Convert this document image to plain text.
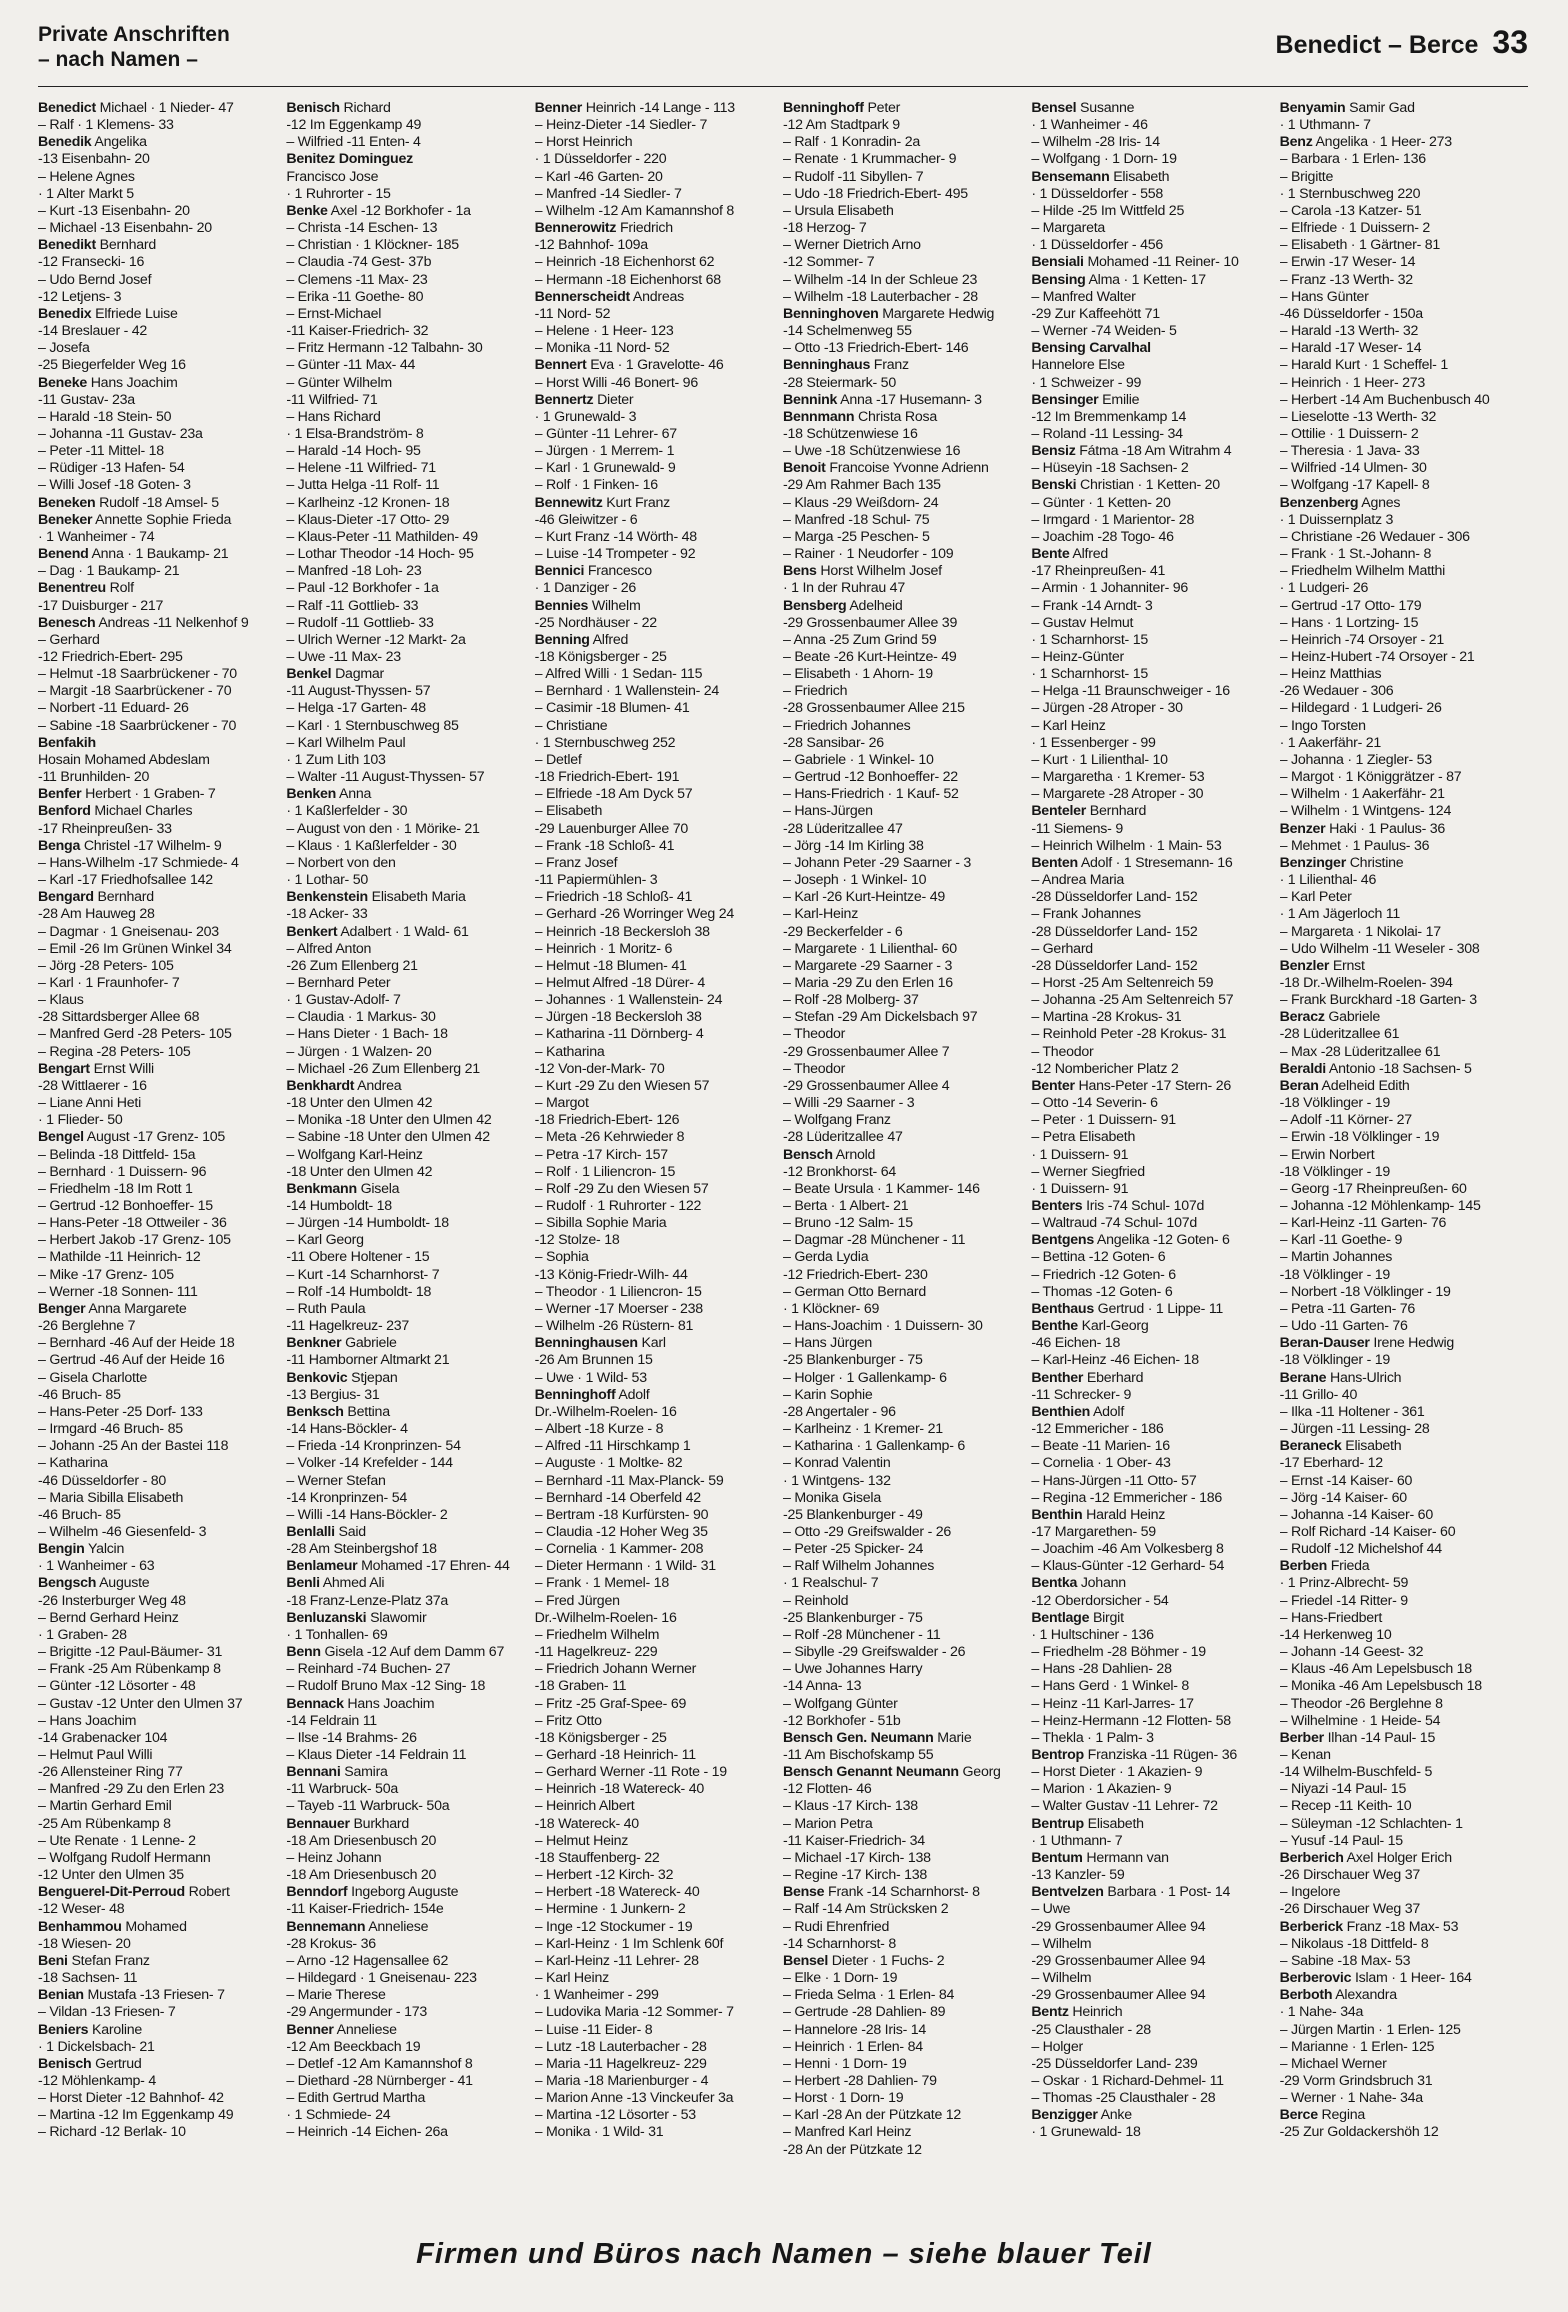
Private Anschriften
– nach Namen –
Benedict – Berce 33
Benedict Michael · 1 Nieder- 47
– Ralf · 1 Klemens- 33
Benedik Angelika
-13 Eisenbahn- 20
– Helene Agnes
· 1 Alter Markt 5
– Kurt -13 Eisenbahn- 20
– Michael -13 Eisenbahn- 20
Benedikt Bernhard
-12 Fransecki- 16
– Udo Bernd Josef
-12 Letjens- 3
Benedix Elfriede Luise
-14 Breslauer - 42
– Josefa
-25 Biegerfelder Weg 16
Beneke Hans Joachim
-11 Gustav- 23a
– Harald -18 Stein- 50
– Johanna -11 Gustav- 23a
– Peter -11 Mittel- 18
– Rüdiger -13 Hafen- 54
– Willi Josef -18 Goten- 3
Beneken Rudolf -18 Amsel- 5
Beneker Annette Sophie Frieda
· 1 Wanheimer - 74
Benend Anna · 1 Baukamp- 21
– Dag · 1 Baukamp- 21
Benentreu Rolf
-17 Duisburger - 217
Benesch Andreas -11 Nelkenhof 9
– Gerhard
-12 Friedrich-Ebert- 295
– Helmut -18 Saarbrückener - 70
– Margit -18 Saarbrückener - 70
– Norbert -11 Eduard- 26
– Sabine -18 Saarbrückener - 70
Benfakih
Hosain Mohamed Abdeslam
-11 Brunhilden- 20
Benfer Herbert · 1 Graben- 7
Benford Michael Charles
-17 Rheinpreußen- 33
Benga Christel -17 Wilhelm- 9
– Hans-Wilhelm -17 Schmiede- 4
– Karl -17 Friedhofsallee 142
Bengard Bernhard
-28 Am Hauweg 28
– Dagmar · 1 Gneisenau- 203
– Emil -26 Im Grünen Winkel 34
– Jörg -28 Peters- 105
– Karl · 1 Fraunhofer- 7
– Klaus
-28 Sittardsberger Allee 68
– Manfred Gerd -28 Peters- 105
– Regina -28 Peters- 105
Bengart Ernst Willi
-28 Wittlaerer - 16
– Liane Anni Heti
· 1 Flieder- 50
Bengel August -17 Grenz- 105
– Belinda -18 Dittfeld- 15a
– Bernhard · 1 Duissern- 96
– Friedhelm -18 Im Rott 1
– Gertrud -12 Bonhoeffer- 15
– Hans-Peter -18 Ottweiler - 36
– Herbert Jakob -17 Grenz- 105
– Mathilde -11 Heinrich- 12
– Mike -17 Grenz- 105
– Werner -18 Sonnen- 111
Benger Anna Margarete
-26 Berglehne 7
– Bernhard -46 Auf der Heide 18
– Gertrud -46 Auf der Heide 16
– Gisela Charlotte
-46 Bruch- 85
– Hans-Peter -25 Dorf- 133
– Irmgard -46 Bruch- 85
– Johann -25 An der Bastei 118
– Katharina
-46 Düsseldorfer - 80
– Maria Sibilla Elisabeth
-46 Bruch- 85
– Wilhelm -46 Giesenfeld- 3
Bengin Yalcin
· 1 Wanheimer - 63
Bengsch Auguste
-26 Insterburger Weg 48
– Bernd Gerhard Heinz
· 1 Graben- 28
– Brigitte -12 Paul-Bäumer- 31
– Frank -25 Am Rübenkamp 8
– Günter -12 Lösorter - 48
– Gustav -12 Unter den Ulmen 37
– Hans Joachim
-14 Grabenacker 104
– Helmut Paul Willi
-26 Allensteiner Ring 77
– Manfred -29 Zu den Erlen 23
– Martin Gerhard Emil
-25 Am Rübenkamp 8
– Ute Renate · 1 Lenne- 2
– Wolfgang Rudolf Hermann
-12 Unter den Ulmen 35
Benguerel-Dit-Perroud Robert
-12 Weser- 48
Benhammou Mohamed
-18 Wiesen- 20
Beni Stefan Franz
-18 Sachsen- 11
Benian Mustafa -13 Friesen- 7
– Vildan -13 Friesen- 7
Beniers Karoline
· 1 Dickelsbach- 21
Benisch Gertrud
-12 Möhlenkamp- 4
– Horst Dieter -12 Bahnhof- 42
– Martina -12 Im Eggenkamp 49
– Richard -12 Berlak- 10
Benisch Richard
-12 Im Eggenkamp 49
– Wilfried -11 Enten- 4
Benitez Dominguez
Francisco Jose
· 1 Ruhrorter - 15
Benke Axel -12 Borkhofer - 1a
– Christa -14 Eschen- 13
– Christian · 1 Klöckner- 185
– Claudia -74 Gest- 37b
– Clemens -11 Max- 23
– Erika -11 Goethe- 80
– Ernst-Michael
-11 Kaiser-Friedrich- 32
– Fritz Hermann -12 Talbahn- 30
– Günter -11 Max- 44
– Günter Wilhelm
-11 Wilfried- 71
– Hans Richard
· 1 Elsa-Brandström- 8
– Harald -14 Hoch- 95
– Helene -11 Wilfried- 71
– Jutta Helga -11 Rolf- 11
– Karlheinz -12 Kronen- 18
– Klaus-Dieter -17 Otto- 29
– Klaus-Peter -11 Mathilden- 49
– Lothar Theodor -14 Hoch- 95
– Manfred -18 Loh- 23
– Paul -12 Borkhofer - 1a
– Ralf -11 Gottlieb- 33
– Rudolf -11 Gottlieb- 33
– Ulrich Werner -12 Markt- 2a
– Uwe -11 Max- 23
Benkel Dagmar
-11 August-Thyssen- 57
– Helga -17 Garten- 48
– Karl · 1 Sternbuschweg 85
– Karl Wilhelm Paul
· 1 Zum Lith 103
– Walter -11 August-Thyssen- 57
Benken Anna
· 1 Kaßlerfelder - 30
– August von den · 1 Mörike- 21
– Klaus · 1 Kaßlerfelder - 30
– Norbert von den
· 1 Lothar- 50
Benkenstein Elisabeth Maria
-18 Acker- 33
Benkert Adalbert · 1 Wald- 61
– Alfred Anton
-26 Zum Ellenberg 21
– Bernhard Peter
· 1 Gustav-Adolf- 7
– Claudia · 1 Markus- 30
– Hans Dieter · 1 Bach- 18
– Jürgen · 1 Walzen- 20
– Michael -26 Zum Ellenberg 21
Benkhardt Andrea
-18 Unter den Ulmen 42
– Monika -18 Unter den Ulmen 42
– Sabine -18 Unter den Ulmen 42
– Wolfgang Karl-Heinz
-18 Unter den Ulmen 42
Benkmann Gisela
-14 Humboldt- 18
– Jürgen -14 Humboldt- 18
– Karl Georg
-11 Obere Holtener - 15
– Kurt -14 Scharnhorst- 7
– Rolf -14 Humboldt- 18
– Ruth Paula
-11 Hagelkreuz- 237
Benkner Gabriele
-11 Hamborner Altmarkt 21
Benkovic Stjepan
-13 Bergius- 31
Benksch Bettina
-14 Hans-Böckler- 4
– Frieda -14 Kronprinzen- 54
– Volker -14 Krefelder - 144
– Werner Stefan
-14 Kronprinzen- 54
– Willi -14 Hans-Böckler- 2
Benlalli Said
-28 Am Steinbergshof 18
Benlameur Mohamed -17 Ehren- 44
Benli Ahmed Ali
-18 Franz-Lenze-Platz 37a
Benluzanski Slawomir
· 1 Tonhallen- 69
Benn Gisela -12 Auf dem Damm 67
– Reinhard -74 Buchen- 27
– Rudolf Bruno Max -12 Sing- 18
Bennack Hans Joachim
-14 Feldrain 11
– Ilse -14 Brahms- 26
– Klaus Dieter -14 Feldrain 11
Bennani Samira
-11 Warbruck- 50a
– Tayeb -11 Warbruck- 50a
Bennauer Burkhard
-18 Am Driesenbusch 20
– Heinz Johann
-18 Am Driesenbusch 20
Benndorf Ingeborg Auguste
-11 Kaiser-Friedrich- 154e
Bennemann Anneliese
-28 Krokus- 36
– Arno -12 Hagensallee 62
– Hildegard · 1 Gneisenau- 223
– Marie Therese
-29 Angermunder - 173
Benner Anneliese
-12 Am Beeckbach 19
– Detlef -12 Am Kamannshof 8
– Diethard -28 Nürnberger - 41
– Edith Gertrud Martha
· 1 Schmiede- 24
– Heinrich -14 Eichen- 26a
Benner Heinrich -14 Lange - 113
– Heinz-Dieter -14 Siedler- 7
– Horst Heinrich
· 1 Düsseldorfer - 220
– Karl -46 Garten- 20
– Manfred -14 Siedler- 7
– Wilhelm -12 Am Kamannshof 8
Bennerowitz Friedrich
-12 Bahnhof- 109a
– Heinrich -18 Eichenhorst 62
– Hermann -18 Eichenhorst 68
Bennerscheidt Andreas
-11 Nord- 52
– Helene · 1 Heer- 123
– Monika -11 Nord- 52
Bennert Eva · 1 Gravelotte- 46
– Horst Willi -46 Bonert- 96
Bennertz Dieter
· 1 Grunewald- 3
– Günter -11 Lehrer- 67
– Jürgen · 1 Merrem- 1
– Karl · 1 Grunewald- 9
– Rolf · 1 Finken- 16
Bennewitz Kurt Franz
-46 Gleiwitzer - 6
– Kurt Franz -14 Wörth- 48
– Luise -14 Trompeter - 92
Bennici Francesco
· 1 Danziger - 26
Bennies Wilhelm
-25 Nordhäuser - 22
Benning Alfred
-18 Königsberger - 25
– Alfred Willi · 1 Sedan- 115
– Bernhard · 1 Wallenstein- 24
– Casimir -18 Blumen- 41
– Christiane
· 1 Sternbuschweg 252
– Detlef
-18 Friedrich-Ebert- 191
– Elfriede -18 Am Dyck 57
– Elisabeth
-29 Lauenburger Allee 70
– Frank -18 Schloß- 41
– Franz Josef
-11 Papiermühlen- 3
– Friedrich -18 Schloß- 41
– Gerhard -26 Worringer Weg 24
– Heinrich -18 Beckersloh 38
– Heinrich · 1 Moritz- 6
– Helmut -18 Blumen- 41
– Helmut Alfred -18 Dürer- 4
– Johannes · 1 Wallenstein- 24
– Jürgen -18 Beckersloh 38
– Katharina -11 Dörnberg- 4
– Katharina
-12 Von-der-Mark- 70
– Kurt -29 Zu den Wiesen 57
– Margot
-18 Friedrich-Ebert- 126
– Meta -26 Kehrwieder 8
– Petra -17 Kirch- 157
– Rolf · 1 Liliencron- 15
– Rolf -29 Zu den Wiesen 57
– Rudolf · 1 Ruhrorter - 122
– Sibilla Sophie Maria
-12 Stolze- 18
– Sophia
-13 König-Friedr-Wilh- 44
– Theodor · 1 Liliencron- 15
– Werner -17 Moerser - 238
– Wilhelm -26 Rüstern- 81
Benninghausen Karl
-26 Am Brunnen 15
– Uwe · 1 Wild- 53
Benninghoff Adolf
Dr.-Wilhelm-Roelen- 16
– Albert -18 Kurze - 8
– Alfred -11 Hirschkamp 1
– Auguste · 1 Moltke- 82
– Bernhard -11 Max-Planck- 59
– Bernhard -14 Oberfeld 42
– Bertram -18 Kurfürsten- 90
– Claudia -12 Hoher Weg 35
– Cornelia · 1 Kammer- 208
– Dieter Hermann · 1 Wild- 31
– Frank · 1 Memel- 18
– Fred Jürgen
Dr.-Wilhelm-Roelen- 16
– Friedhelm Wilhelm
-11 Hagelkreuz- 229
– Friedrich Johann Werner
-18 Graben- 11
– Fritz -25 Graf-Spee- 69
– Fritz Otto
-18 Königsberger - 25
– Gerhard -18 Heinrich- 11
– Gerhard Werner -11 Rote - 19
– Heinrich -18 Watereck- 40
– Heinrich Albert
-18 Watereck- 40
– Helmut Heinz
-18 Stauffenberg- 22
– Herbert -12 Kirch- 32
– Herbert -18 Watereck- 40
– Hermine · 1 Junkern- 2
– Inge -12 Stockumer - 19
– Karl-Heinz · 1 Im Schlenk 60f
– Karl-Heinz -11 Lehrer- 28
– Karl Heinz
· 1 Wanheimer - 299
– Ludovika Maria -12 Sommer- 7
– Luise -11 Eider- 8
– Lutz -18 Lauterbacher - 28
– Maria -11 Hagelkreuz- 229
– Maria -18 Marienburger - 4
– Marion Anne -13 Vinckeufer 3a
– Martina -12 Lösorter - 53
– Monika · 1 Wild- 31
Benninghoff Peter
-12 Am Stadtpark 9
– Ralf · 1 Konradin- 2a
– Renate · 1 Krummacher- 9
– Rudolf -11 Sibyllen- 7
– Udo -18 Friedrich-Ebert- 495
– Ursula Elisabeth
-18 Herzog- 7
– Werner Dietrich Arno
-12 Sommer- 7
– Wilhelm -14 In der Schleue 23
– Wilhelm -18 Lauterbacher - 28
Benninghoven Margarete Hedwig
-14 Schelmenweg 55
– Otto -13 Friedrich-Ebert- 146
Benninghaus Franz
-28 Steiermark- 50
Bennink Anna -17 Husemann- 3
Bennmann Christa Rosa
-18 Schützenwiese 16
– Uwe -18 Schützenwiese 16
Benoit Francoise Yvonne Adrienn
-29 Am Rahmer Bach 135
– Klaus -29 Weißdorn- 24
– Manfred -18 Schul- 75
– Marga -25 Peschen- 5
– Rainer · 1 Neudorfer - 109
Bens Horst Wilhelm Josef
· 1 In der Ruhrau 47
Bensberg Adelheid
-29 Grossenbaumer Allee 39
– Anna -25 Zum Grind 59
– Beate -26 Kurt-Heintze- 49
– Elisabeth · 1 Ahorn- 19
– Friedrich
-28 Grossenbaumer Allee 215
– Friedrich Johannes
-28 Sansibar- 26
– Gabriele · 1 Winkel- 10
– Gertrud -12 Bonhoeffer- 22
– Hans-Friedrich · 1 Kauf- 52
– Hans-Jürgen
-28 Lüderitzallee 47
– Jörg -14 Im Kirling 38
– Johann Peter -29 Saarner - 3
– Joseph · 1 Winkel- 10
– Karl -26 Kurt-Heintze- 49
– Karl-Heinz
-29 Beckerfelder - 6
– Margarete · 1 Lilienthal- 60
– Margarete -29 Saarner - 3
– Maria -29 Zu den Erlen 16
– Rolf -28 Molberg- 37
– Stefan -29 Am Dickelsbach 97
– Theodor
-29 Grossenbaumer Allee 7
– Theodor
-29 Grossenbaumer Allee 4
– Willi -29 Saarner - 3
– Wolfgang Franz
-28 Lüderitzallee 47
Bensch Arnold
-12 Bronkhorst- 64
– Beate Ursula · 1 Kammer- 146
– Berta · 1 Albert- 21
– Bruno -12 Salm- 15
– Dagmar -28 Münchener - 11
– Gerda Lydia
-12 Friedrich-Ebert- 230
– German Otto Bernard
· 1 Klöckner- 69
– Hans-Joachim · 1 Duissern- 30
– Hans Jürgen
-25 Blankenburger - 75
– Holger · 1 Gallenkamp- 6
– Karin Sophie
-28 Angertaler - 96
– Karlheinz · 1 Kremer- 21
– Katharina · 1 Gallenkamp- 6
– Konrad Valentin
· 1 Wintgens- 132
– Monika Gisela
-25 Blankenburger - 49
– Otto -29 Greifswalder - 26
– Peter -25 Spicker- 24
– Ralf Wilhelm Johannes
· 1 Realschul- 7
– Reinhold
-25 Blankenburger - 75
– Rolf -28 Münchener - 11
– Sibylle -29 Greifswalder - 26
– Uwe Johannes Harry
-14 Anna- 13
– Wolfgang Günter
-12 Borkhofer - 51b
Bensch Gen. Neumann Marie
-11 Am Bischofskamp 55
Bensch Genannt Neumann Georg
-12 Flotten- 46
– Klaus -17 Kirch- 138
– Marion Petra
-11 Kaiser-Friedrich- 34
– Michael -17 Kirch- 138
– Regine -17 Kirch- 138
Bense Frank -14 Scharnhorst- 8
– Ralf -14 Am Strücksken 2
– Rudi Ehrenfried
-14 Scharnhorst- 8
Bensel Dieter · 1 Fuchs- 2
– Elke · 1 Dorn- 19
– Frieda Selma · 1 Erlen- 84
– Gertrude -28 Dahlien- 89
– Hannelore -28 Iris- 14
– Heinrich · 1 Erlen- 84
– Henni · 1 Dorn- 19
– Herbert -28 Dahlien- 79
– Horst · 1 Dorn- 19
– Karl -28 An der Pützkate 12
– Manfred Karl Heinz
-28 An der Pützkate 12
Bensel Susanne
· 1 Wanheimer - 46
– Wilhelm -28 Iris- 14
– Wolfgang · 1 Dorn- 19
Bensemann Elisabeth
· 1 Düsseldorfer - 558
– Hilde -25 Im Wittfeld 25
– Margareta
· 1 Düsseldorfer - 456
Bensiali Mohamed -11 Reiner- 10
Bensing Alma · 1 Ketten- 17
– Manfred Walter
-29 Zur Kaffeehött 71
– Werner -74 Weiden- 5
Bensing Carvalhal
Hannelore Else
· 1 Schweizer - 99
Bensinger Emilie
-12 Im Bremmenkamp 14
– Roland -11 Lessing- 34
Bensiz Fátma -18 Am Witrahm 4
– Hüseyin -18 Sachsen- 2
Benski Christian · 1 Ketten- 20
– Günter · 1 Ketten- 20
– Irmgard · 1 Marientor- 28
– Joachim -28 Togo- 46
Bente Alfred
-17 Rheinpreußen- 41
– Armin · 1 Johanniter- 96
– Frank -14 Arndt- 3
– Gustav Helmut
· 1 Scharnhorst- 15
– Heinz-Günter
· 1 Scharnhorst- 15
– Helga -11 Braunschweiger - 16
– Jürgen -28 Atroper - 30
– Karl Heinz
· 1 Essenberger - 99
– Kurt · 1 Lilienthal- 10
– Margaretha · 1 Kremer- 53
– Margarete -28 Atroper - 30
Benteler Bernhard
-11 Siemens- 9
– Heinrich Wilhelm · 1 Main- 53
Benten Adolf · 1 Stresemann- 16
– Andrea Maria
-28 Düsseldorfer Land- 152
– Frank Johannes
-28 Düsseldorfer Land- 152
– Gerhard
-28 Düsseldorfer Land- 152
– Horst -25 Am Seltenreich 59
– Johanna -25 Am Seltenreich 57
– Martina -28 Krokus- 31
– Reinhold Peter -28 Krokus- 31
– Theodor
-12 Nombericher Platz 2
Benter Hans-Peter -17 Stern- 26
– Otto -14 Severin- 6
– Peter · 1 Duissern- 91
– Petra Elisabeth
· 1 Duissern- 91
– Werner Siegfried
· 1 Duissern- 91
Benters Iris -74 Schul- 107d
– Waltraud -74 Schul- 107d
Bentgens Angelika -12 Goten- 6
– Bettina -12 Goten- 6
– Friedrich -12 Goten- 6
– Thomas -12 Goten- 6
Benthaus Gertrud · 1 Lippe- 11
Benthe Karl-Georg
-46 Eichen- 18
– Karl-Heinz -46 Eichen- 18
Benther Eberhard
-11 Schrecker- 9
Benthien Adolf
-12 Emmericher - 186
– Beate -11 Marien- 16
– Cornelia · 1 Ober- 43
– Hans-Jürgen -11 Otto- 57
– Regina -12 Emmericher - 186
Benthin Harald Heinz
-17 Margarethen- 59
– Joachim -46 Am Volkesberg 8
– Klaus-Günter -12 Gerhard- 54
Bentka Johann
-12 Oberdorsicher - 54
Bentlage Birgit
· 1 Hultschiner - 136
– Friedhelm -28 Böhmer - 19
– Hans -28 Dahlien- 28
– Hans Gerd · 1 Winkel- 8
– Heinz -11 Karl-Jarres- 17
– Heinz-Hermann -12 Flotten- 58
– Thekla · 1 Palm- 3
Bentrop Franziska -11 Rügen- 36
– Horst Dieter · 1 Akazien- 9
– Marion · 1 Akazien- 9
– Walter Gustav -11 Lehrer- 72
Bentrup Elisabeth
· 1 Uthmann- 7
Bentum Hermann van
-13 Kanzler- 59
Bentvelzen Barbara · 1 Post- 14
– Uwe
-29 Grossenbaumer Allee 94
– Wilhelm
-29 Grossenbaumer Allee 94
– Wilhelm
-29 Grossenbaumer Allee 94
Bentz Heinrich
-25 Clausthaler - 28
– Holger
-25 Düsseldorfer Land- 239
– Oskar · 1 Richard-Dehmel- 11
– Thomas -25 Clausthaler - 28
Benzigger Anke
· 1 Grunewald- 18
Benyamin Samir Gad
· 1 Uthmann- 7
Benz Angelika · 1 Heer- 273
– Barbara · 1 Erlen- 136
– Brigitte
· 1 Sternbuschweg 220
– Carola -13 Katzer- 51
– Elfriede · 1 Duissern- 2
– Elisabeth · 1 Gärtner- 81
– Erwin -17 Weser- 14
– Franz -13 Werth- 32
– Hans Günter
-46 Düsseldorfer - 150a
– Harald -13 Werth- 32
– Harald -17 Weser- 14
– Harald Kurt · 1 Scheffel- 1
– Heinrich · 1 Heer- 273
– Herbert -14 Am Buchenbusch 40
– Lieselotte -13 Werth- 32
– Ottilie · 1 Duissern- 2
– Theresia · 1 Java- 33
– Wilfried -14 Ulmen- 30
– Wolfgang -17 Kapell- 8
Benzenberg Agnes
· 1 Duissernplatz 3
– Christiane -26 Wedauer - 306
– Frank · 1 St.-Johann- 8
– Friedhelm Wilhelm Matthi
· 1 Ludgeri- 26
– Gertrud -17 Otto- 179
– Hans · 1 Lortzing- 15
– Heinrich -74 Orsoyer - 21
– Heinz-Hubert -74 Orsoyer - 21
– Heinz Matthias
-26 Wedauer - 306
– Hildegard · 1 Ludgeri- 26
– Ingo Torsten
· 1 Aakerfähr- 21
– Johanna · 1 Ziegler- 53
– Margot · 1 Königgrätzer - 87
– Wilhelm · 1 Aakerfähr- 21
– Wilhelm · 1 Wintgens- 124
Benzer Haki · 1 Paulus- 36
– Mehmet · 1 Paulus- 36
Benzinger Christine
· 1 Lilienthal- 46
– Karl Peter
· 1 Am Jägerloch 11
– Margareta · 1 Nikolai- 17
– Udo Wilhelm -11 Weseler - 308
Benzler Ernst
-18 Dr.-Wilhelm-Roelen- 394
– Frank Burckhard -18 Garten- 3
Beracz Gabriele
-28 Lüderitzallee 61
– Max -28 Lüderitzallee 61
Beraldi Antonio -18 Sachsen- 5
Beran Adelheid Edith
-18 Völklinger - 19
– Adolf -11 Körner- 27
– Erwin -18 Völklinger - 19
– Erwin Norbert
-18 Völklinger - 19
– Georg -17 Rheinpreußen- 60
– Johanna -12 Möhlenkamp- 145
– Karl-Heinz -11 Garten- 76
– Karl -11 Goethe- 9
– Martin Johannes
-18 Völklinger - 19
– Norbert -18 Völklinger - 19
– Petra -11 Garten- 76
– Udo -11 Garten- 76
Beran-Dauser Irene Hedwig
-18 Völklinger - 19
Berane Hans-Ulrich
-11 Grillo- 40
– Ilka -11 Holtener - 361
– Jürgen -11 Lessing- 28
Beraneck Elisabeth
-17 Eberhard- 12
– Ernst -14 Kaiser- 60
– Jörg -14 Kaiser- 60
– Johanna -14 Kaiser- 60
– Rolf Richard -14 Kaiser- 60
– Rudolf -12 Michelshof 44
Berben Frieda
· 1 Prinz-Albrecht- 59
– Friedel -14 Ritter- 9
– Hans-Friedbert
-14 Herkenweg 10
– Johann -14 Geest- 32
– Klaus -46 Am Lepelsbusch 18
– Monika -46 Am Lepelsbusch 18
– Theodor -26 Berglehne 8
– Wilhelmine · 1 Heide- 54
Berber Ilhan -14 Paul- 15
– Kenan
-14 Wilhelm-Buschfeld- 5
– Niyazi -14 Paul- 15
– Recep -11 Keith- 10
– Süleyman -12 Schlachten- 1
– Yusuf -14 Paul- 15
Berberich Axel Holger Erich
-26 Dirschauer Weg 37
– Ingelore
-26 Dirschauer Weg 37
Berberick Franz -18 Max- 53
– Nikolaus -18 Dittfeld- 8
– Sabine -18 Max- 53
Berberovic Islam · 1 Heer- 164
Berboth Alexandra
· 1 Nahe- 34a
– Jürgen Martin · 1 Erlen- 125
– Marianne · 1 Erlen- 125
– Michael Werner
-29 Vorm Grindsbruch 31
– Werner · 1 Nahe- 34a
Berce Regina
-25 Zur Goldackershöh 12
Firmen und Büros nach Namen – siehe blauer Teil
